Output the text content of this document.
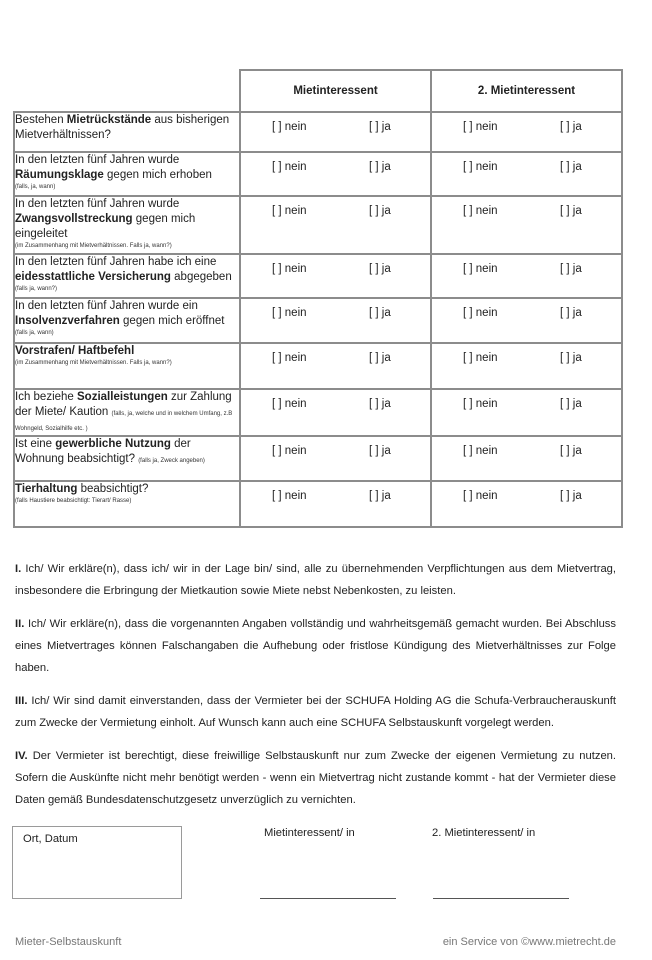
	Mietinteressent	2. Mietinteressent
Bestehen Mietrückstände aus bisherigen Mietverhältnissen?	[ ] nein [ ] ja	[ ] nein [ ] ja

In den letzten fünf Jahren wurde Räumungsklage gegen mich erhoben
(falls, ja, wann)	[ ] nein [ ] ja	[ ] nein [ ] ja

In den letzten fünf Jahren wurde Zwangsvollstreckung gegen mich eingeleitet
(im Zusammenhang mit Mietverhältnissen. Falls ja, wann?)	[ ] nein [ ] ja	[ ] nein [ ] ja

In den letzten fünf Jahren habe ich eine eidesstattliche Versicherung abgegeben
(falls ja, wann?)	[ ] nein [ ] ja	[ ] nein [ ] ja

In den letzten fünf Jahren wurde ein Insolvenzverfahren gegen mich eröffnet
(falls ja, wann)	[ ] nein [ ] ja	[ ] nein [ ] ja

Vorstrafen/ Haftbefehl
(im Zusammenhang mit Mietverhältnissen. Falls ja, wann?)	[ ] nein [ ] ja	[ ] nein [ ] ja

Ich beziehe Sozialleistungen zur Zahlung der Miete/ Kaution (falls, ja, welche und in welchem Umfang, z.B Wohngeld, Sozialhilfe etc. )	[ ] nein [ ] ja	[ ] nein [ ] ja

Ist eine gewerbliche Nutzung der Wohnung beabsichtigt? (falls ja, Zweck angeben)	[ ] nein [ ] ja	[ ] nein [ ] ja

Tierhaltung beabsichtigt?
(falls Haustiere beabsichtigt: Tierart/ Rasse)	[ ] nein [ ] ja	[ ] nein [ ] ja

I. Ich/ Wir erkläre(n), dass ich/ wir in der Lage bin/ sind, alle zu übernehmenden Verpflichtungen aus dem Mietvertrag, insbesondere die Erbringung der Mietkaution sowie Miete nebst Nebenkosten, zu leisten.

II. Ich/ Wir erkläre(n), dass die vorgenannten Angaben vollständig und wahrheitsgemäß gemacht wurden. Bei Abschluss eines Mietvertrages können Falschangaben die Aufhebung oder fristlose Kündigung des Mietverhältnisses zur Folge haben.

III. Ich/ Wir sind damit einverstanden, dass der Vermieter bei der SCHUFA Holding AG die Schufa-Verbraucherauskunft zum Zwecke der Vermietung einholt. Auf Wunsch kann auch eine SCHUFA Selbstauskunft vorgelegt werden.

IV. Der Vermieter ist berechtigt, diese freiwillige Selbstauskunft nur zum Zwecke der eigenen Vermietung zu nutzen. Sofern die Auskünfte nicht mehr benötigt werden - wenn ein Mietvertrag nicht zustande kommt - hat der Vermieter diese Daten gemäß Bundesdatenschutzgesetz unverzüglich zu vernichten.

Ort, Datum	Mietinteressent/ in	2. Mietinteressent/ in
Mieter-Selbstauskunft	ein Service von ©www.mietrecht.de
